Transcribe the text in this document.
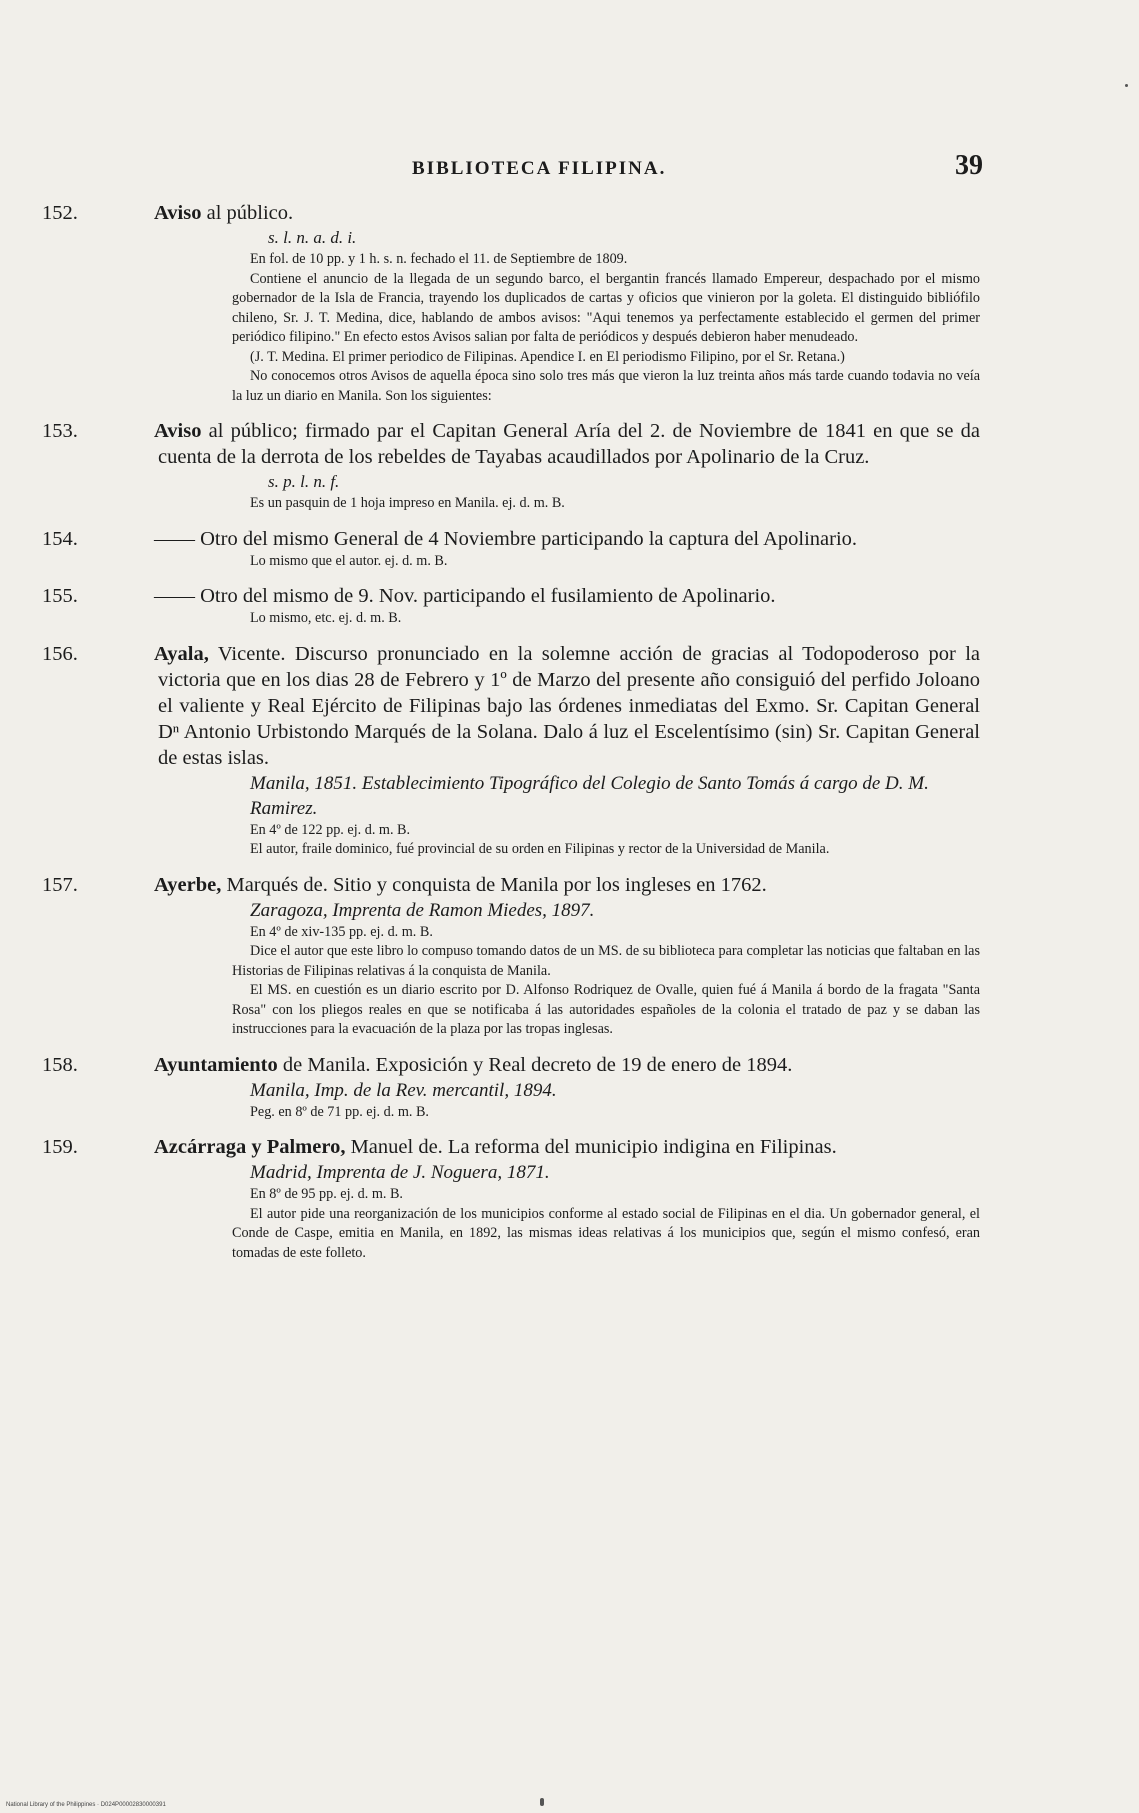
BIBLIOTECA FILIPINA.	39
152.	Aviso al público.
s. l. n. a. d. i.
En fol. de 10 pp. y 1 h. s. n. fechado el 11. de Septiembre de 1809.
Contiene el anuncio de la llegada de un segundo barco, el bergantin francés llamado Empereur, despachado por el mismo gobernador de la Isla de Francia, trayendo los duplicados de cartas y oficios que vinieron por la goleta. El distinguido bibliófilo chileno, Sr. J. T. Medina, dice, hablando de ambos avisos: "Aqui tenemos ya perfectamente establecido el germen del primer periódico filipino." En efecto estos Avisos salian por falta de periódicos y después debieron haber menudeado.
(J. T. Medina. El primer periodico de Filipinas. Apendice I. en El periodismo Filipino, por el Sr. Retana.)
No conocemos otros Avisos de aquella época sino solo tres más que vieron la luz treinta años más tarde cuando todavia no veía la luz un diario en Manila. Son los siguientes:
153.	Aviso al público; firmado par el Capitan General Aría del 2. de Noviembre de 1841 en que se da cuenta de la derrota de los rebeldes de Tayabas acaudillados por Apolinario de la Cruz.
s. p. l. n. f.
Es un pasquin de 1 hoja impreso en Manila. ej. d. m. B.
154.	—— Otro del mismo General de 4 Noviembre participando la captura del Apolinario.
Lo mismo que el autor. ej. d. m. B.
155.	—— Otro del mismo de 9. Nov. participando el fusilamiento de Apolinario.
Lo mismo, etc. ej. d. m. B.
156.	Ayala, Vicente. Discurso pronunciado en la solemne acción de gracias al Todopoderoso por la victoria que en los dias 28 de Febrero y 1º de Marzo del presente año consiguió del perfido Joloano el valiente y Real Ejército de Filipinas bajo las órdenes inmediatas del Exmo. Sr. Capitan General Dⁿ Antonio Urbistondo Marqués de la Solana. Dalo á luz el Escelentísimo (sin) Sr. Capitan General de estas islas.
Manila, 1851. Establecimiento Tipográfico del Colegio de Santo Tomás á cargo de D. M. Ramirez.
En 4º de 122 pp. ej. d. m. B.
El autor, fraile dominico, fué provincial de su orden en Filipinas y rector de la Universidad de Manila.
157.	Ayerbe, Marqués de. Sitio y conquista de Manila por los ingleses en 1762.
Zaragoza, Imprenta de Ramon Miedes, 1897.
En 4º de xiv-135 pp. ej. d. m. B.
Dice el autor que este libro lo compuso tomando datos de un MS. de su biblioteca para completar las noticias que faltaban en las Historias de Filipinas relativas á la conquista de Manila.
El MS. en cuestión es un diario escrito por D. Alfonso Rodriquez de Ovalle, quien fué á Manila á bordo de la fragata "Santa Rosa" con los pliegos reales en que se notificaba á las autoridades españoles de la colonia el tratado de paz y se daban las instrucciones para la evacuación de la plaza por las tropas inglesas.
158.	Ayuntamiento de Manila. Exposición y Real decreto de 19 de enero de 1894.
Manila, Imp. de la Rev. mercantil, 1894.
Peg. en 8º de 71 pp. ej. d. m. B.
159.	Azcárraga y Palmero, Manuel de. La reforma del municipio indigina en Filipinas.
Madrid, Imprenta de J. Noguera, 1871.
En 8º de 95 pp. ej. d. m. B.
El autor pide una reorganización de los municipios conforme al estado social de Filipinas en el dia. Un gobernador general, el Conde de Caspe, emitia en Manila, en 1892, las mismas ideas relativas á los municipios que, según el mismo confesó, eran tomadas de este folleto.
National Library of the Philippines · D024P00002830000391
